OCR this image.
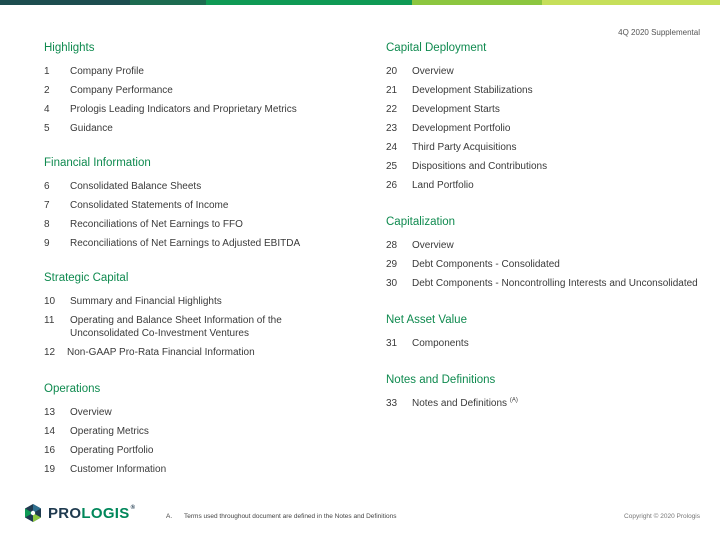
4Q 2020 Supplemental
Highlights
1	Company Profile
2	Company Performance
4	Prologis Leading Indicators and Proprietary Metrics
5	Guidance
Financial Information
6	Consolidated Balance Sheets
7	Consolidated Statements of Income
8	Reconciliations of Net Earnings to FFO
9	Reconciliations of Net Earnings to Adjusted EBITDA
Strategic Capital
10	Summary and Financial Highlights
11	Operating and Balance Sheet Information of the Unconsolidated Co-Investment Ventures
12	Non-GAAP Pro-Rata Financial Information
Operations
13	Overview
14	Operating Metrics
16	Operating Portfolio
19	Customer Information
Capital Deployment
20	Overview
21	Development Stabilizations
22	Development Starts
23	Development Portfolio
24	Third Party Acquisitions
25	Dispositions and Contributions
26	Land Portfolio
Capitalization
28	Overview
29	Debt Components - Consolidated
30	Debt Components - Noncontrolling Interests and Unconsolidated
Net Asset Value
31	Components
Notes and Definitions
33	Notes and Definitions $^{(A)}$
PROLOGIS®
A. Terms used throughout document are defined in the Notes and Definitions	Copyright © 2020 Prologis
